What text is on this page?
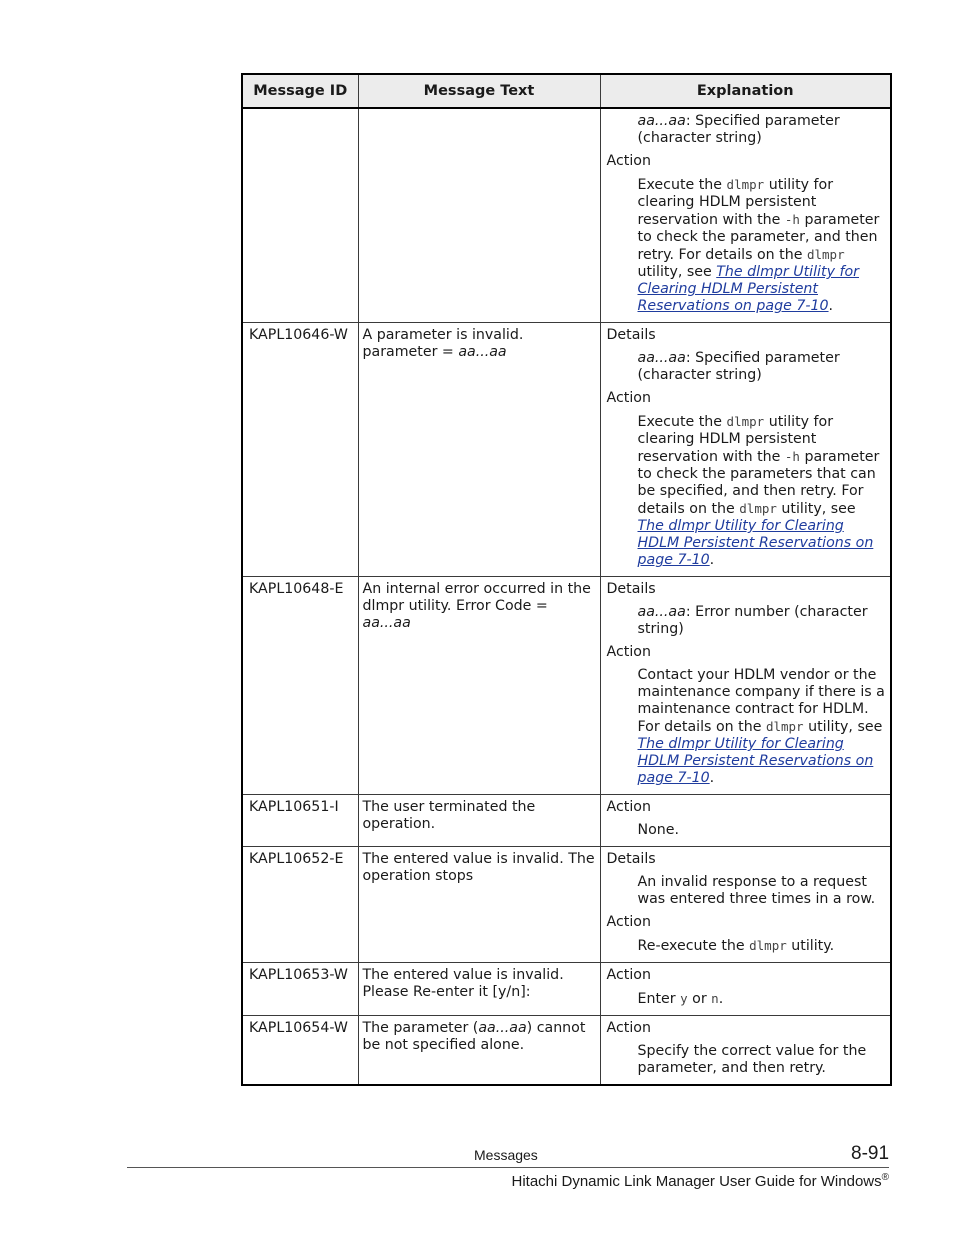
Message ID	Message Text	Explanation

		aa...aa: Specified parameter (character string)

Action

Execute the dlmpr utility for clearing HDLM persistent reservation with the -h parameter to check the parameter, and then retry. For details on the dlmpr utility, see The dlmpr Utility for Clearing HDLM Persistent Reservations on page 7-10.

KAPL10646-W	A parameter is invalid. parameter = aa...aa	Details

aa...aa: Specified parameter (character string)

Action

Execute the dlmpr utility for clearing HDLM persistent reservation with the -h parameter to check the parameters that can be specified, and then retry. For details on the dlmpr utility, see The dlmpr Utility for Clearing HDLM Persistent Reservations on page 7-10.

KAPL10648-E	An internal error occurred in the dlmpr utility. Error Code = aa...aa	Details

aa...aa: Error number (character string)

Action

Contact your HDLM vendor or the maintenance company if there is a maintenance contract for HDLM. For details on the dlmpr utility, see The dlmpr Utility for Clearing HDLM Persistent Reservations on page 7-10.

KAPL10651-I	The user terminated the operation.	Action

None.

KAPL10652-E	The entered value is invalid. The operation stops	Details

An invalid response to a request was entered three times in a row.

Action

Re-execute the dlmpr utility.

KAPL10653-W	The entered value is invalid. Please Re-enter it [y/n]:	Action

Enter y or n.

KAPL10654-W	The parameter (aa...aa) cannot be not specified alone.	Action

Specify the correct value for the parameter, and then retry.

Messages	8-91
Hitachi Dynamic Link Manager User Guide for Windows®
